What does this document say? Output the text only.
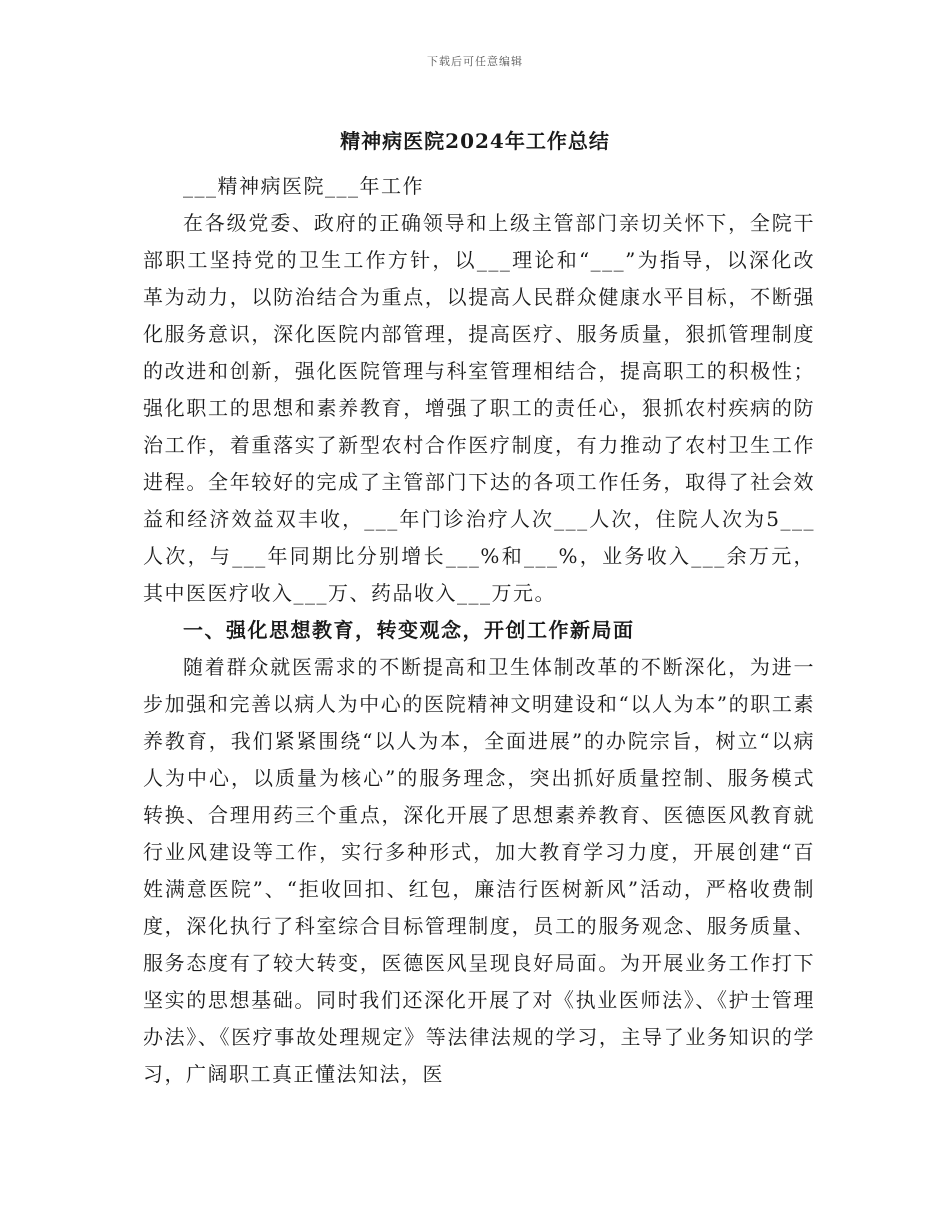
下载后可任意编辑
精神病医院2024年工作总结

___精神病医院___年工作

在各级党委、政府的正确领导和上级主管部门亲切关怀下，全院干部职工坚持党的卫生工作方针，以___理论和“___”为指导，以深化改革为动力，以防治结合为重点，以提高人民群众健康水平目标，不断强化服务意识，深化医院内部管理，提高医疗、服务质量，狠抓管理制度的改进和创新，强化医院管理与科室管理相结合，提高职工的积极性；强化职工的思想和素养教育，增强了职工的责任心，狠抓农村疾病的防治工作，着重落实了新型农村合作医疗制度，有力推动了农村卫生工作进程。全年较好的完成了主管部门下达的各项工作任务，取得了社会效益和经济效益双丰收，___年门诊治疗人次___人次，住院人次为5___人次，与___年同期比分别增长___%和___%，业务收入___余万元，其中医医疗收入___万、药品收入___万元。

一、强化思想教育，转变观念，开创工作新局面

随着群众就医需求的不断提高和卫生体制改革的不断深化，为进一步加强和完善以病人为中心的医院精神文明建设和“以人为本”的职工素养教育，我们紧紧围绕“以人为本，全面进展”的办院宗旨，树立“以病人为中心，以质量为核心”的服务理念，突出抓好质量控制、服务模式转换、合理用药三个重点，深化开展了思想素养教育、医德医风教育就行业风建设等工作，实行多种形式，加大教育学习力度，开展创建“百姓满意医院”、“拒收回扣、红包，廉洁行医树新风”活动，严格收费制度，深化执行了科室综合目标管理制度，员工的服务观念、服务质量、服务态度有了较大转变，医德医风呈现良好局面。为开展业务工作打下坚实的思想基础。同时我们还深化开展了对《执业医师法》、《护士管理办法》、《医疗事故处理规定》等法律法规的学习，主导了业务知识的学习，广阔职工真正懂法知法，医
